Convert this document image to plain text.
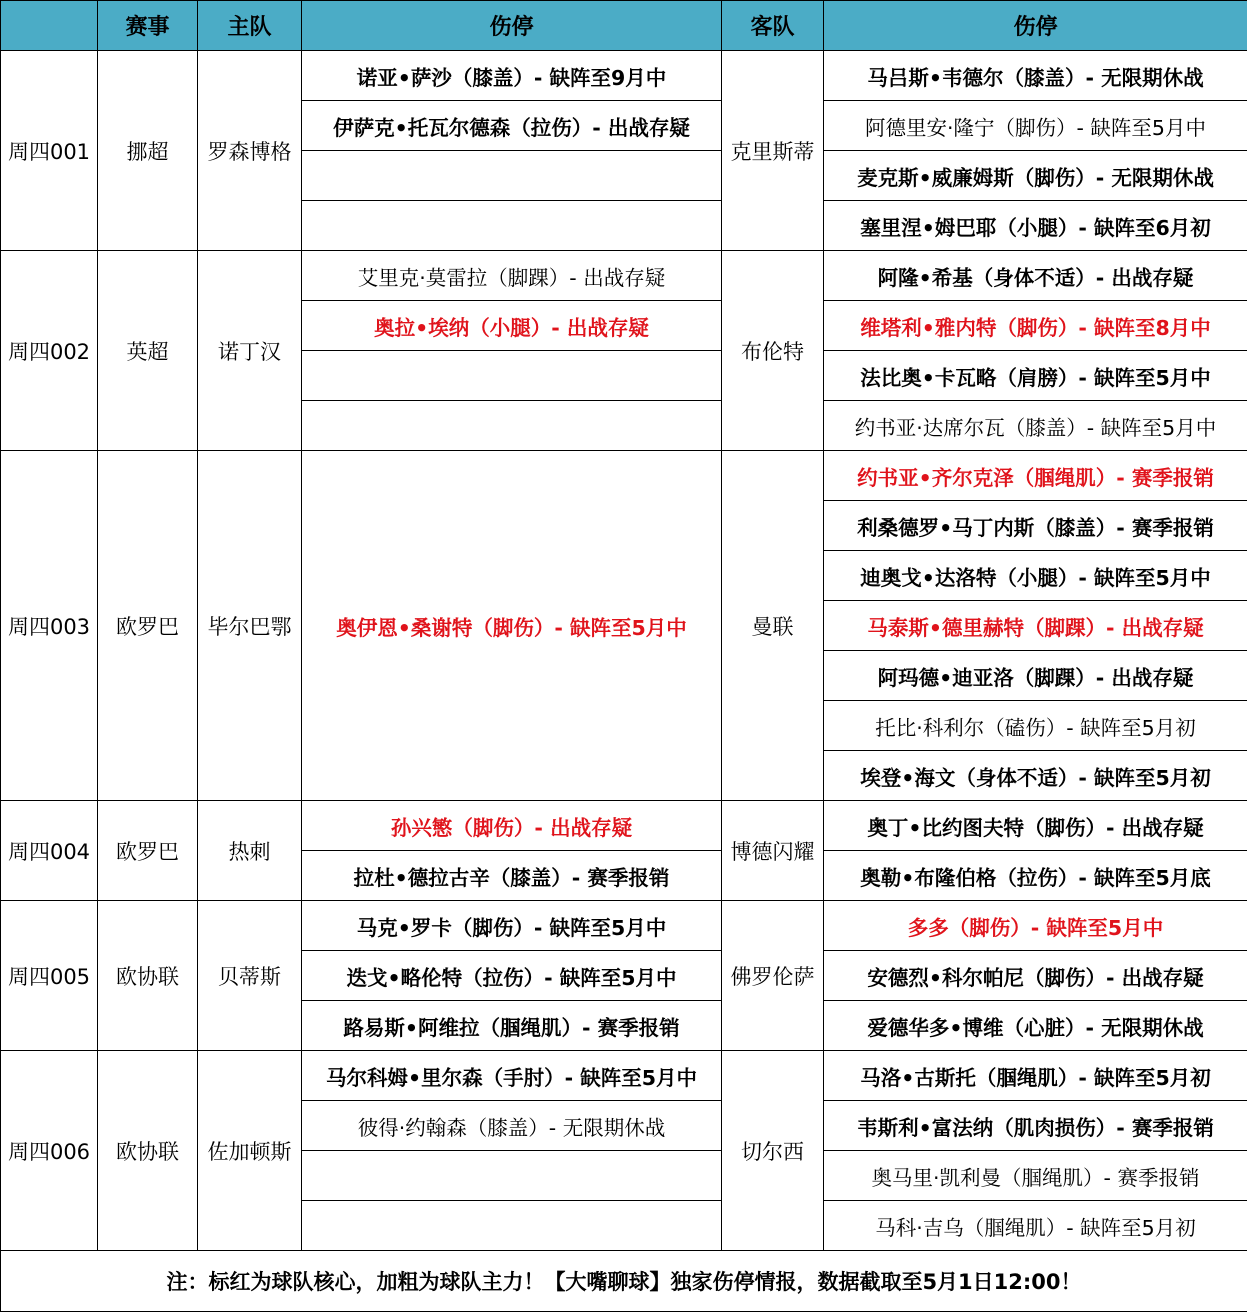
	赛事	主队	伤停	客队	伤停
周四001	挪超	罗森博格	诺亚•萨沙（膝盖）- 缺阵至9月中	克里斯蒂	马吕斯•韦德尔（膝盖）- 无限期休战
			伊萨克•托瓦尔德森（拉伤）- 出战存疑		阿德里安·隆宁（脚伤）- 缺阵至5月中
					麦克斯•威廉姆斯（脚伤）- 无限期休战
					塞里涅•姆巴耶（小腿）- 缺阵至6月初
周四002	英超	诺丁汉	艾里克·莫雷拉（脚踝）- 出战存疑	布伦特	阿隆•希基（身体不适）- 出战存疑
			奥拉•埃纳（小腿）- 出战存疑		维塔利•雅内特（脚伤）- 缺阵至8月中
					法比奥•卡瓦略（肩膀）- 缺阵至5月中
					约书亚·达席尔瓦（膝盖）- 缺阵至5月中
周四003	欧罗巴	毕尔巴鄂	奥伊恩•桑谢特（脚伤）- 缺阵至5月中	曼联	约书亚•齐尔克泽（腘绳肌）- 赛季报销
					利桑德罗•马丁内斯（膝盖）- 赛季报销
					迪奥戈•达洛特（小腿）- 缺阵至5月中
					马泰斯•德里赫特（脚踝）- 出战存疑
					阿玛德•迪亚洛（脚踝）- 出战存疑
					托比·科利尔（磕伤）- 缺阵至5月初
					埃登•海文（身体不适）- 缺阵至5月初
周四004	欧罗巴	热刺	孙兴慜（脚伤）- 出战存疑	博德闪耀	奥丁•比约图夫特（脚伤）- 出战存疑
			拉杜•德拉古辛（膝盖）- 赛季报销		奥勒•布隆伯格（拉伤）- 缺阵至5月底
周四005	欧协联	贝蒂斯	马克•罗卡（脚伤）- 缺阵至5月中	佛罗伦萨	多多（脚伤）- 缺阵至5月中
			迭戈•略伦特（拉伤）- 缺阵至5月中		安德烈•科尔帕尼（脚伤）- 出战存疑
			路易斯•阿维拉（腘绳肌）- 赛季报销		爱德华多•博维（心脏）- 无限期休战
周四006	欧协联	佐加顿斯	马尔科姆•里尔森（手肘）- 缺阵至5月中	切尔西	马洛•古斯托（腘绳肌）- 缺阵至5月初
			彼得·约翰森（膝盖）- 无限期休战		韦斯利•富法纳（肌肉损伤）- 赛季报销
					奥马里·凯利曼（腘绳肌）- 赛季报销
					马科·吉乌（腘绳肌）- 缺阵至5月初
注：标红为球队核心，加粗为球队主力！【大嘴聊球】独家伤停情报，数据截取至5月1日12:00！					
